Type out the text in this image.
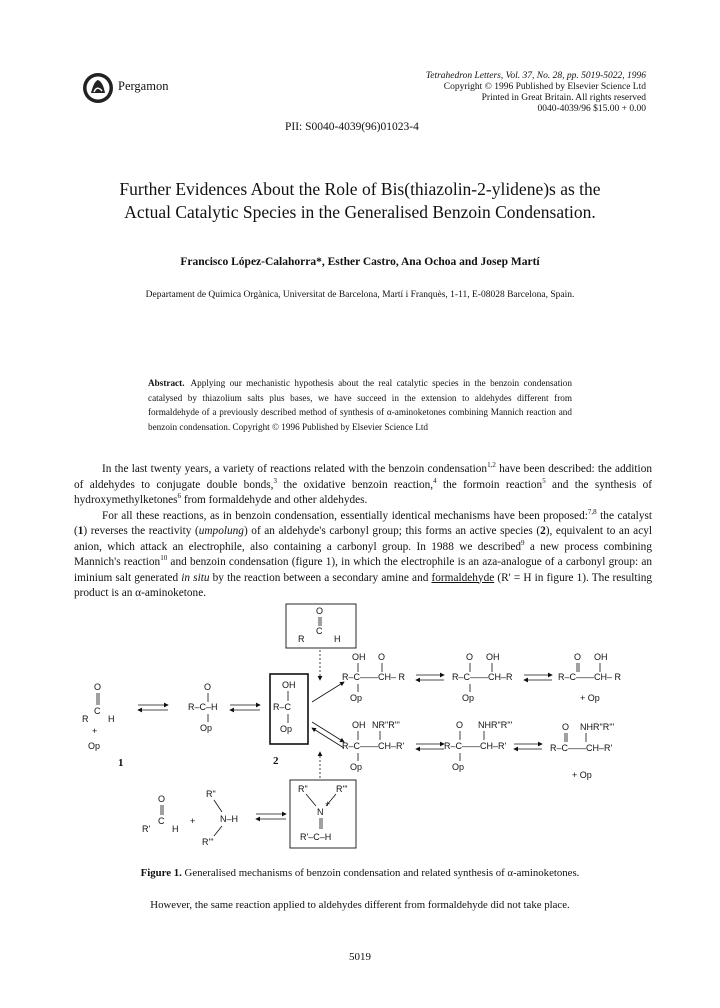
Pergamon
Tetrahedron Letters, Vol. 37, No. 28, pp. 5019-5022, 1996
Copyright © 1996 Published by Elsevier Science Ltd
Printed in Great Britain. All rights reserved
0040-4039/96 $15.00 + 0.00
PII: S0040-4039(96)01023-4
Further Evidences About the Role of Bis(thiazolin-2-ylidene)s as the
Actual Catalytic Species in the Generalised Benzoin Condensation.
Francisco López-Calahorra*, Esther Castro, Ana Ochoa and Josep Martí
Departament de Química Orgànica, Universitat de Barcelona, Martí i Franquès, 1-11, E-08028 Barcelona, Spain.
Abstract. Applying our mechanistic hypothesis about the real catalytic species in the benzoin condensation catalysed by thiazolium salts plus bases, we have succeed in the extension to aldehydes different from formaldehyde of a previously described method of synthesis of α-aminoketones combining Mannich reaction and benzoin condensation. Copyright © 1996 Published by Elsevier Science Ltd

In the last twenty years, a variety of reactions related with the benzoin condensation$^{1,2}$ have been described: the addition of aldehydes to conjugate double bonds,$^3$ the oxidative benzoin reaction,$^4$ the formoin reaction$^5$ and the synthesis of hydroxymethylketones$^6$ from formaldehyde and other aldehydes.

For all these reactions, as in benzoin condensation, essentially identical mechanisms have been proposed:$^{7,8}$ the catalyst (1) reverses the reactivity (umpolung) of an aldehyde's carbonyl group; this forms an active species (2), equivalent to an acyl anion, which attack an electrophile, also containing a carbonyl group. In 1988 we described$^9$ a new process combining Mannich's reaction$^{10}$ and benzoin condensation (figure 1), in which the electrophile is an aza-analogue of a carbonyl group: an iminium salt generated in situ by the reaction between a secondary amine and formaldehyde (R' = H in figure 1). The resulting product is an α-aminoketone.

O
C
R	H
O
C
R H
+
Op
1
O
R–C–H
Op
OH
R–C
Op
2
OH O
R–C——CH– R
Op
O OH
R–C——CH–R
Op
O OH
R–C——CH– R
+ Op
OH NR"R'''
R–C——CH–R'
Op
O NHR"R'''
R–C——CH–R'
Op
O NHR"R'''
R–C——CH–R'
+ Op
O
C
R' H
+
R"
N–H
R'''
R"	R'''
N
+
R'–C–H
Figure 1. Generalised mechanisms of benzoin condensation and related synthesis of α-aminoketones.
However, the same reaction applied to aldehydes different from formaldehyde did not take place.
5019
